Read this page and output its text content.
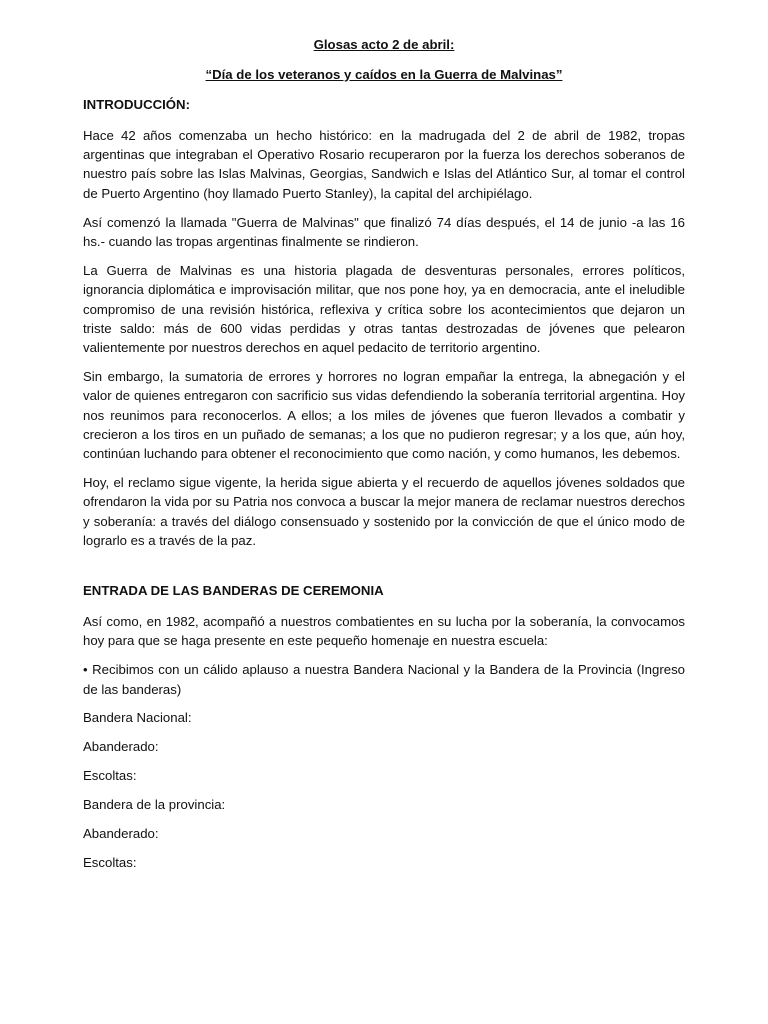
Glosas acto 2 de abril:
“Día de los veteranos y caídos en la Guerra de Malvinas”
INTRODUCCIÓN:

Hace 42 años comenzaba un hecho histórico: en la madrugada del 2 de abril de 1982, tropas argentinas que integraban el Operativo Rosario recuperaron por la fuerza los derechos soberanos de nuestro país sobre las Islas Malvinas, Georgias, Sandwich e Islas del Atlántico Sur, al tomar el control de Puerto Argentino (hoy llamado Puerto Stanley), la capital del archipiélago.

Así comenzó la llamada "Guerra de Malvinas" que finalizó 74 días después, el 14 de junio -a las 16 hs.- cuando las tropas argentinas finalmente se rindieron.

La Guerra de Malvinas es una historia plagada de desventuras personales, errores políticos, ignorancia diplomática e improvisación militar, que nos pone hoy, ya en democracia, ante el ineludible compromiso de una revisión histórica, reflexiva y crítica sobre los acontecimientos que dejaron un triste saldo: más de 600 vidas perdidas y otras tantas destrozadas de jóvenes que pelearon valientemente por nuestros derechos en aquel pedacito de territorio argentino.

Sin embargo, la sumatoria de errores y horrores no logran empañar la entrega, la abnegación y el valor de quienes entregaron con sacrificio sus vidas defendiendo la soberanía territorial argentina. Hoy nos reunimos para reconocerlos. A ellos; a los miles de jóvenes que fueron llevados a combatir y crecieron a los tiros en un puñado de semanas; a los que no pudieron regresar; y a los que, aún hoy, continúan luchando para obtener el reconocimiento que como nación, y como humanos, les debemos.

Hoy, el reclamo sigue vigente, la herida sigue abierta y el recuerdo de aquellos jóvenes soldados que ofrendaron la vida por su Patria nos convoca a buscar la mejor manera de reclamar nuestros derechos y soberanía: a través del diálogo consensuado y sostenido por la convicción de que el único modo de lograrlo es a través de la paz.

ENTRADA DE LAS BANDERAS DE CEREMONIA

Así como, en 1982, acompañó a nuestros combatientes en su lucha por la soberanía, la convocamos hoy para que se haga presente en este pequeño homenaje en nuestra escuela:

• Recibimos con un cálido aplauso a nuestra Bandera Nacional y la Bandera de la Provincia (Ingreso de las banderas)

Bandera Nacional:
Abanderado:
Escoltas:
Bandera de la provincia:
Abanderado:
Escoltas:
